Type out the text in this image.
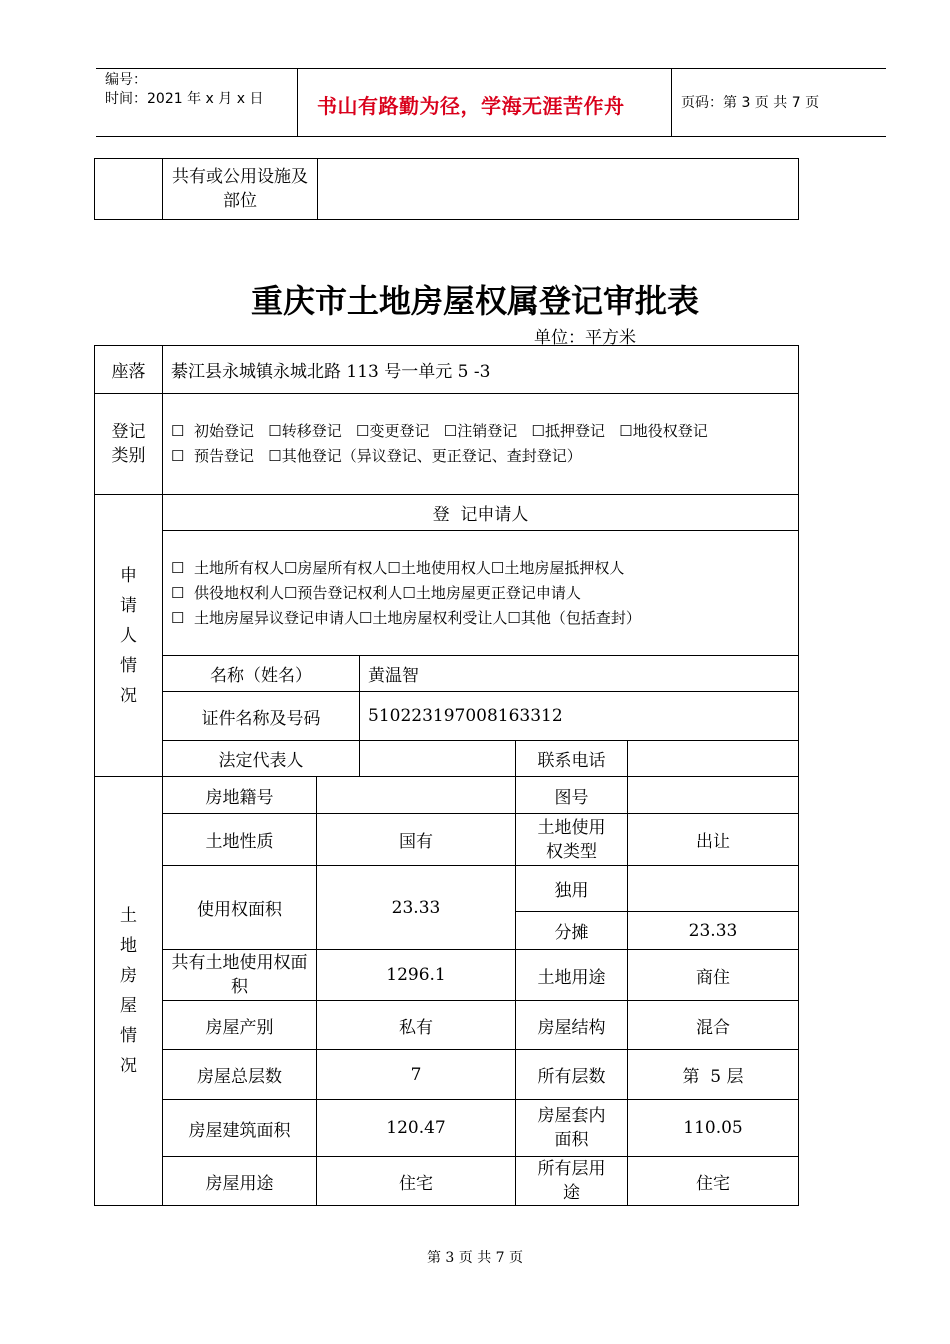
编号：
时间：2021 年 x 月 x 日	书山有路勤为径，学海无涯苦作舟	页码：第 3 页 共 7 页
	共有或公用设施及部位	
重庆市土地房屋权属登记审批表
单位：平方米
座落	綦江县永城镇永城北路 113 号一单元 5 -3				
登记类别	☐  初始登记   ☐转移登记   ☐变更登记   ☐注销登记   ☐抵押登记   ☐地役权登记
☐  预告登记   ☐其他登记（异议登记、更正登记、查封登记）				

申请人情况	登  记申请人				

	☐  土地所有权人☐房屋所有权人☐土地使用权人☐土地房屋抵押权人
☐  供役地权利人☐预告登记权利人☐土地房屋更正登记申请人
☐  土地房屋异议登记申请人☐土地房屋权利受让人☐其他（包括查封）				

	名称（姓名）		黄温智		
	证件名称及号码		510223197008163312		
	法定代表人			联系电话	

土地房屋情况	房地籍号			图号	
	土地性质	国有		土地使用权类型	出让
	使用权面积	23.33		独用	
				分摊	23.33
	共有土地使用权面积	1296.1		土地用途	商住
	房屋产别	私有		房屋结构	混合
	房屋总层数	7		所有层数	第  5 层
	房屋建筑面积	120.47		房屋套内面积	110.05
	房屋用途	住宅		所有层用途	住宅
第 3 页 共 7 页
